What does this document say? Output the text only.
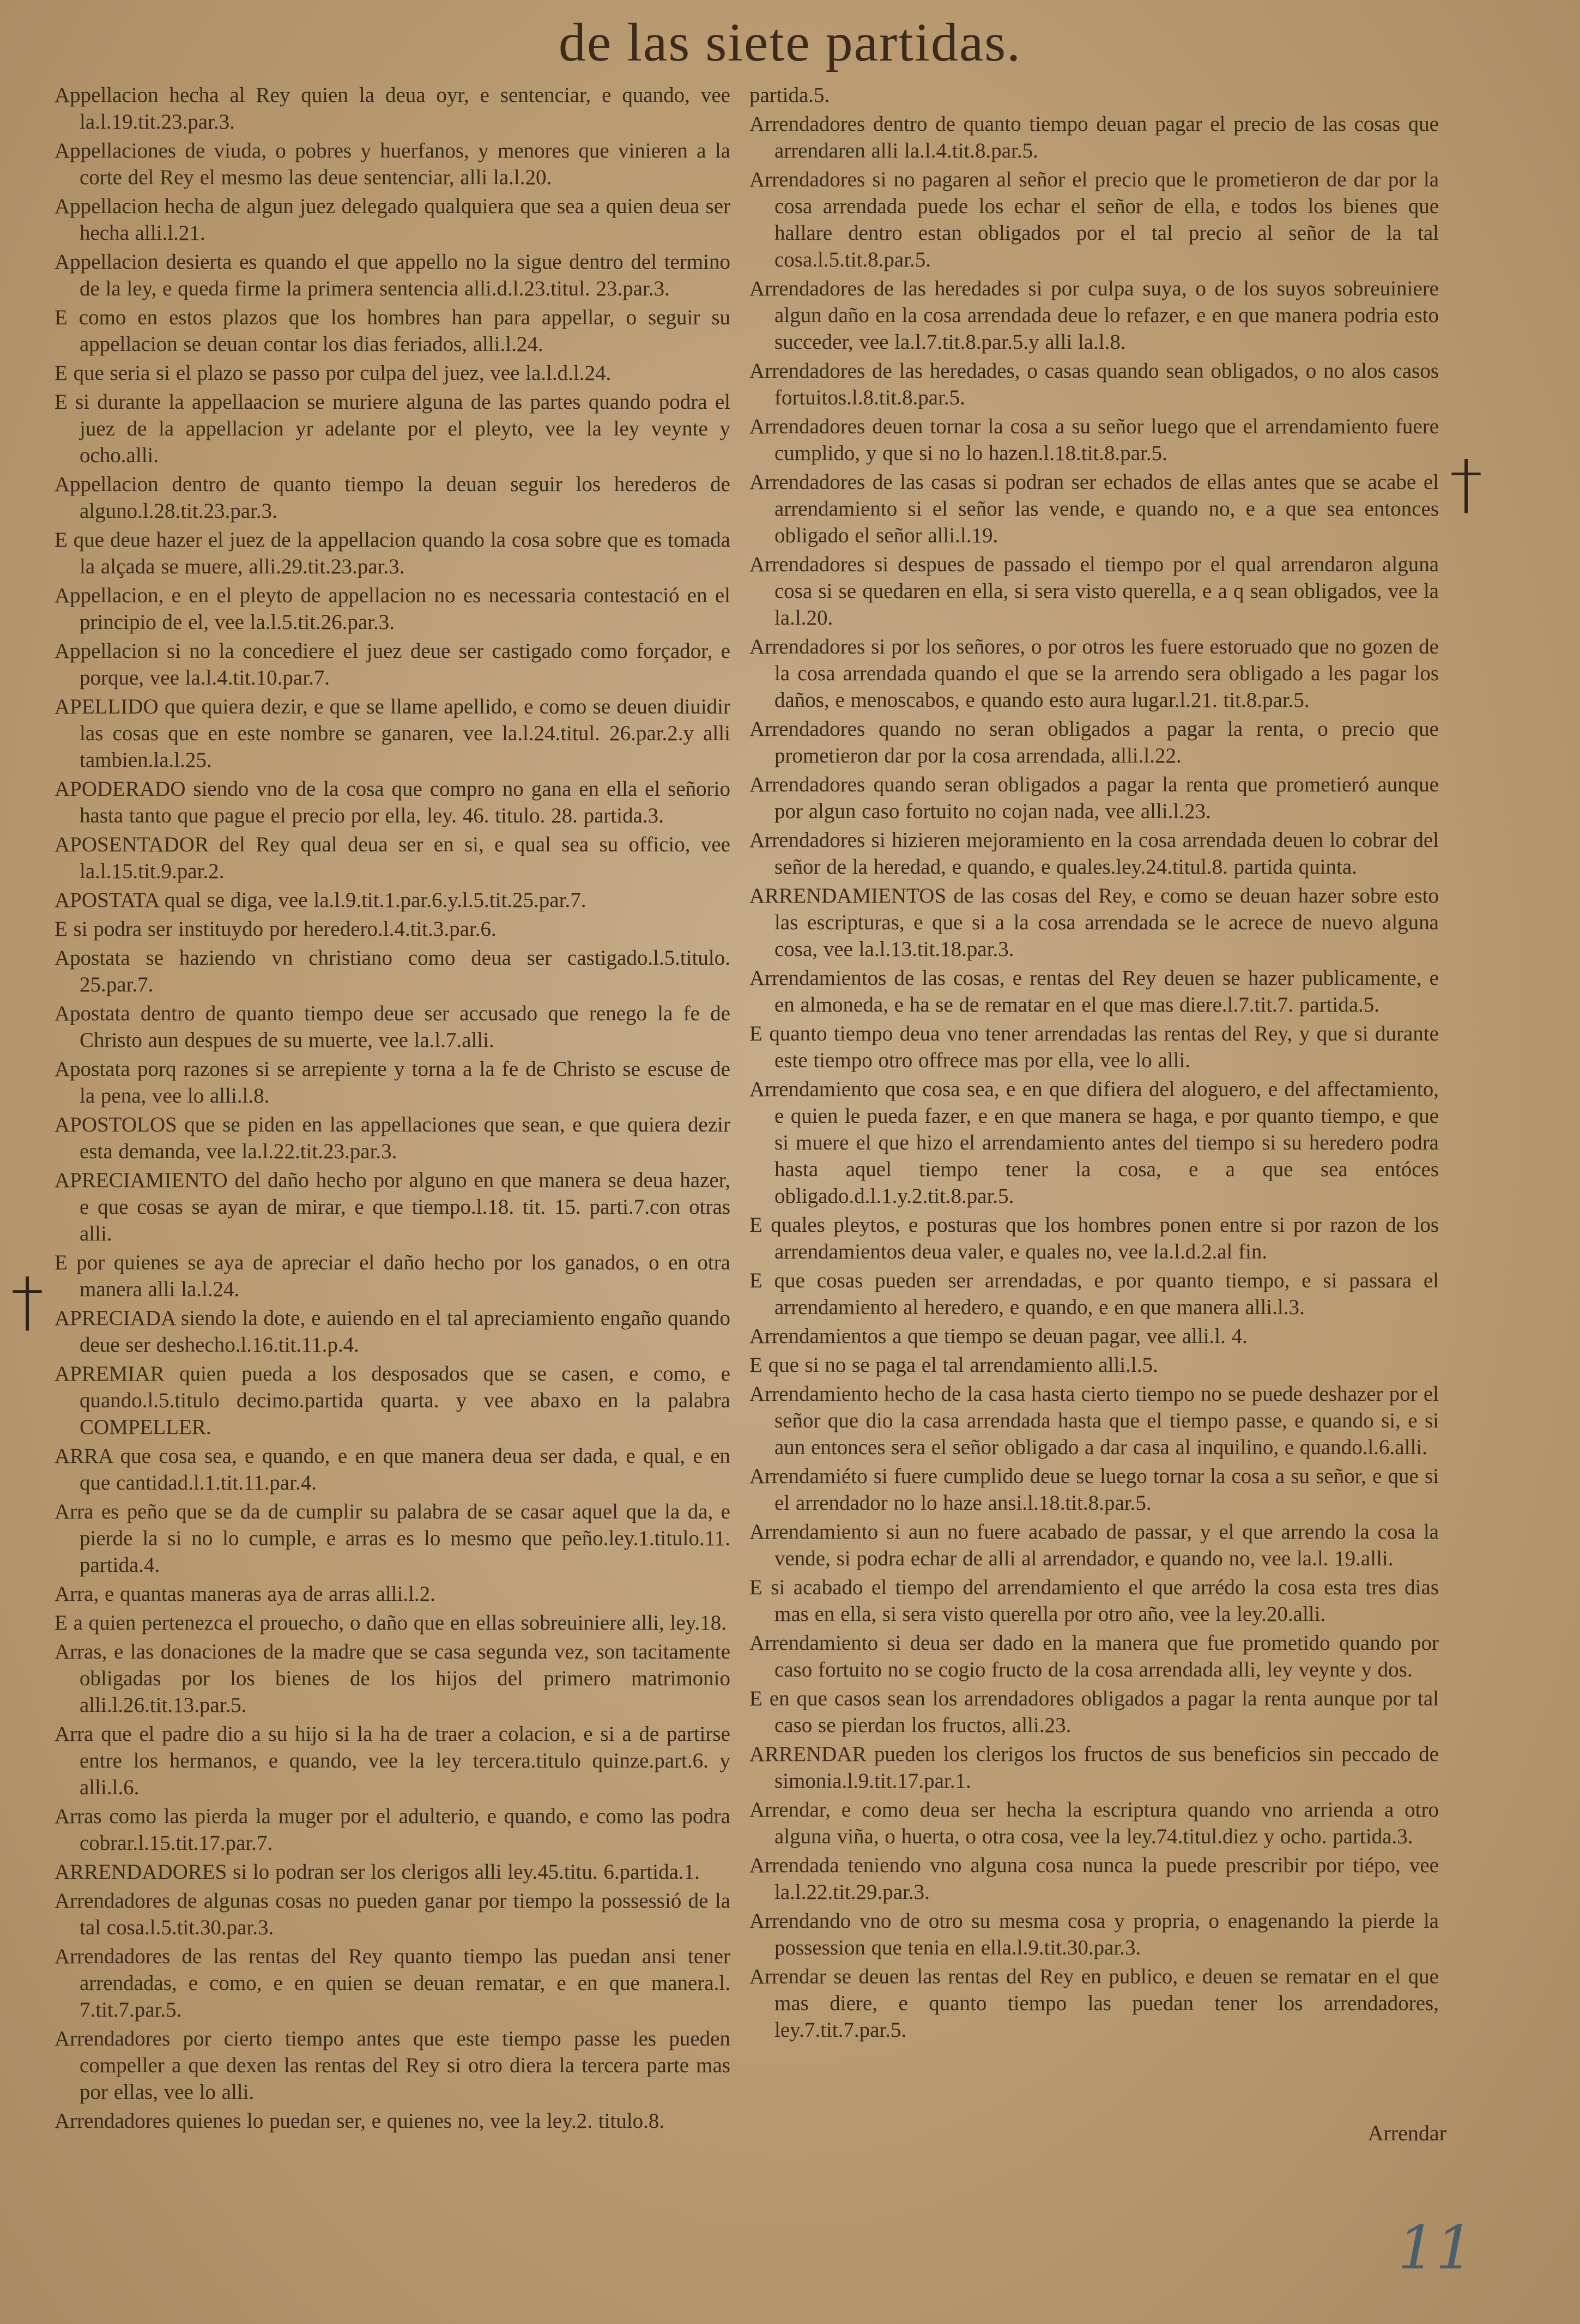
de las siete partidas.

Appellacion hecha al Rey quien la deua oyr, e sentenciar, e quando, vee la.l.19.tit.23.par.3.

Appellaciones de viuda, o pobres y huerfanos, y menores que vinieren a la corte del Rey el mesmo las deue sentenciar, alli la.l.20.

Appellacion hecha de algun juez delegado qualquiera que sea a quien deua ser hecha alli.l.21.

Appellacion desierta es quando el que appello no la sigue dentro del termino de la ley, e queda firme la primera sentencia alli.d.l.23.titul. 23.par.3.

E como en estos plazos que los hombres han para appellar, o seguir su appellacion se deuan contar los dias feriados, alli.l.24.

E que seria si el plazo se passo por culpa del juez, vee la.l.d.l.24.

E si durante la appellaacion se muriere alguna de las partes quando podra el juez de la appellacion yr adelante por el pleyto, vee la ley veynte y ocho.alli.

Appellacion dentro de quanto tiempo la deuan seguir los herederos de alguno.l.28.tit.23.par.3.

E que deue hazer el juez de la appellacion quando la cosa sobre que es tomada la alçada se muere, alli.29.tit.23.par.3.

Appellacion, e en el pleyto de appellacion no es necessaria contestació en el principio de el, vee la.l.5.tit.26.par.3.

Appellacion si no la concediere el juez deue ser castigado como forçador, e porque, vee la.l.4.tit.10.par.7.

APELLIDO que quiera dezir, e que se llame apellido, e como se deuen diuidir las cosas que en este nombre se ganaren, vee la.l.24.titul. 26.par.2.y alli tambien.la.l.25.

APODERADO siendo vno de la cosa que compro no gana en ella el señorio hasta tanto que pague el precio por ella, ley. 46. titulo. 28. partida.3.

APOSENTADOR del Rey qual deua ser en si, e qual sea su officio, vee la.l.15.tit.9.par.2.

APOSTATA qual se diga, vee la.l.9.tit.1.par.6.y.l.5.tit.25.par.7.

E si podra ser instituydo por heredero.l.4.tit.3.par.6.

Apostata se haziendo vn christiano como deua ser castigado.l.5.titulo. 25.par.7.

Apostata dentro de quanto tiempo deue ser accusado que renego la fe de Christo aun despues de su muerte, vee la.l.7.alli.

Apostata porq razones si se arrepiente y torna a la fe de Christo se escuse de la pena, vee lo alli.l.8.

APOSTOLOS que se piden en las appellaciones que sean, e que quiera dezir esta demanda, vee la.l.22.tit.23.par.3.

APRECIAMIENTO del daño hecho por alguno en que manera se deua hazer, e que cosas se ayan de mirar, e que tiempo.l.18. tit. 15. parti.7.con otras alli.

E por quienes se aya de apreciar el daño hecho por los ganados, o en otra manera alli la.l.24.

APRECIADA siendo la dote, e auiendo en el tal apreciamiento engaño quando deue ser deshecho.l.16.tit.11.p.4.

APREMIAR quien pueda a los desposados que se casen, e como, e quando.l.5.titulo decimo.partida quarta. y vee abaxo en la palabra COMPELLER.

ARRA que cosa sea, e quando, e en que manera deua ser dada, e qual, e en que cantidad.l.1.tit.11.par.4.

Arra es peño que se da de cumplir su palabra de se casar aquel que la da, e pierde la si no lo cumple, e arras es lo mesmo que peño.ley.1.titulo.11. partida.4.

Arra, e quantas maneras aya de arras alli.l.2.

E a quien pertenezca el prouecho, o daño que en ellas sobreuiniere alli, ley.18.

Arras, e las donaciones de la madre que se casa segunda vez, son tacitamente obligadas por los bienes de los hijos del primero matrimonio alli.l.26.tit.13.par.5.

Arra que el padre dio a su hijo si la ha de traer a colacion, e si a de partirse entre los hermanos, e quando, vee la ley tercera.titulo quinze.part.6. y alli.l.6.

Arras como las pierda la muger por el adulterio, e quando, e como las podra cobrar.l.15.tit.17.par.7.

ARRENDADORES si lo podran ser los clerigos alli ley.45.titu. 6.partida.1.

Arrendadores de algunas cosas no pueden ganar por tiempo la possessió de la tal cosa.l.5.tit.30.par.3.

Arrendadores de las rentas del Rey quanto tiempo las puedan ansi tener arrendadas, e como, e en quien se deuan rematar, e en que manera.l. 7.tit.7.par.5.

Arrendadores por cierto tiempo antes que este tiempo passe les pueden compeller a que dexen las rentas del Rey si otro diera la tercera parte mas por ellas, vee lo alli.

Arrendadores quienes lo puedan ser, e quienes no, vee la ley.2. titulo.8.

partida.5.

Arrendadores dentro de quanto tiempo deuan pagar el precio de las cosas que arrendaren alli la.l.4.tit.8.par.5.

Arrendadores si no pagaren al señor el precio que le prometieron de dar por la cosa arrendada puede los echar el señor de ella, e todos los bienes que hallare dentro estan obligados por el tal precio al señor de la tal cosa.l.5.tit.8.par.5.

Arrendadores de las heredades si por culpa suya, o de los suyos sobreuiniere algun daño en la cosa arrendada deue lo refazer, e en que manera podria esto succeder, vee la.l.7.tit.8.par.5.y alli la.l.8.

Arrendadores de las heredades, o casas quando sean obligados, o no alos casos fortuitos.l.8.tit.8.par.5.

Arrendadores deuen tornar la cosa a su señor luego que el arrendamiento fuere cumplido, y que si no lo hazen.l.18.tit.8.par.5.

Arrendadores de las casas si podran ser echados de ellas antes que se acabe el arrendamiento si el señor las vende, e quando no, e a que sea entonces obligado el señor alli.l.19.

Arrendadores si despues de passado el tiempo por el qual arrendaron alguna cosa si se quedaren en ella, si sera visto querella, e a q sean obligados, vee la la.l.20.

Arrendadores si por los señores, o por otros les fuere estoruado que no gozen de la cosa arrendada quando el que se la arrendo sera obligado a les pagar los daños, e menoscabos, e quando esto aura lugar.l.21. tit.8.par.5.

Arrendadores quando no seran obligados a pagar la renta, o precio que prometieron dar por la cosa arrendada, alli.l.22.

Arrendadores quando seran obligados a pagar la renta que prometieró aunque por algun caso fortuito no cojan nada, vee alli.l.23.

Arrendadores si hizieren mejoramiento en la cosa arrendada deuen lo cobrar del señor de la heredad, e quando, e quales.ley.24.titul.8. partida quinta.

ARRENDAMIENTOS de las cosas del Rey, e como se deuan hazer sobre esto las escripturas, e que si a la cosa arrendada se le acrece de nuevo alguna cosa, vee la.l.13.tit.18.par.3.

Arrendamientos de las cosas, e rentas del Rey deuen se hazer publicamente, e en almoneda, e ha se de rematar en el que mas diere.l.7.tit.7. partida.5.

E quanto tiempo deua vno tener arrendadas las rentas del Rey, y que si durante este tiempo otro offrece mas por ella, vee lo alli.

Arrendamiento que cosa sea, e en que difiera del aloguero, e del affectamiento, e quien le pueda fazer, e en que manera se haga, e por quanto tiempo, e que si muere el que hizo el arrendamiento antes del tiempo si su heredero podra hasta aquel tiempo tener la cosa, e a que sea entóces obligado.d.l.1.y.2.tit.8.par.5.

E quales pleytos, e posturas que los hombres ponen entre si por razon de los arrendamientos deua valer, e quales no, vee la.l.d.2.al fin.

E que cosas pueden ser arrendadas, e por quanto tiempo, e si passara el arrendamiento al heredero, e quando, e en que manera alli.l.3.

Arrendamientos a que tiempo se deuan pagar, vee alli.l. 4.

E que si no se paga el tal arrendamiento alli.l.5.

Arrendamiento hecho de la casa hasta cierto tiempo no se puede deshazer por el señor que dio la casa arrendada hasta que el tiempo passe, e quando si, e si aun entonces sera el señor obligado a dar casa al inquilino, e quando.l.6.alli.

Arrendamiéto si fuere cumplido deue se luego tornar la cosa a su señor, e que si el arrendador no lo haze ansi.l.18.tit.8.par.5.

Arrendamiento si aun no fuere acabado de passar, y el que arrendo la cosa la vende, si podra echar de alli al arrendador, e quando no, vee la.l. 19.alli.

E si acabado el tiempo del arrendamiento el que arrédo la cosa esta tres dias mas en ella, si sera visto querella por otro año, vee la ley.20.alli.

Arrendamiento si deua ser dado en la manera que fue prometido quando por caso fortuito no se cogio fructo de la cosa arrendada alli, ley veynte y dos.

E en que casos sean los arrendadores obligados a pagar la renta aunque por tal caso se pierdan los fructos, alli.23.

ARRENDAR pueden los clerigos los fructos de sus beneficios sin peccado de simonia.l.9.tit.17.par.1.

Arrendar, e como deua ser hecha la escriptura quando vno arrienda a otro alguna viña, o huerta, o otra cosa, vee la ley.74.titul.diez y ocho. partida.3.

Arrendada teniendo vno alguna cosa nunca la puede prescribir por tiépo, vee la.l.22.tit.29.par.3.

Arrendando vno de otro su mesma cosa y propria, o enagenando la pierde la possession que tenia en ella.l.9.tit.30.par.3.

Arrendar se deuen las rentas del Rey en publico, e deuen se rematar en el que mas diere, e quanto tiempo las puedan tener los arrendadores, ley.7.tit.7.par.5.

Arrendar
11
†
†
